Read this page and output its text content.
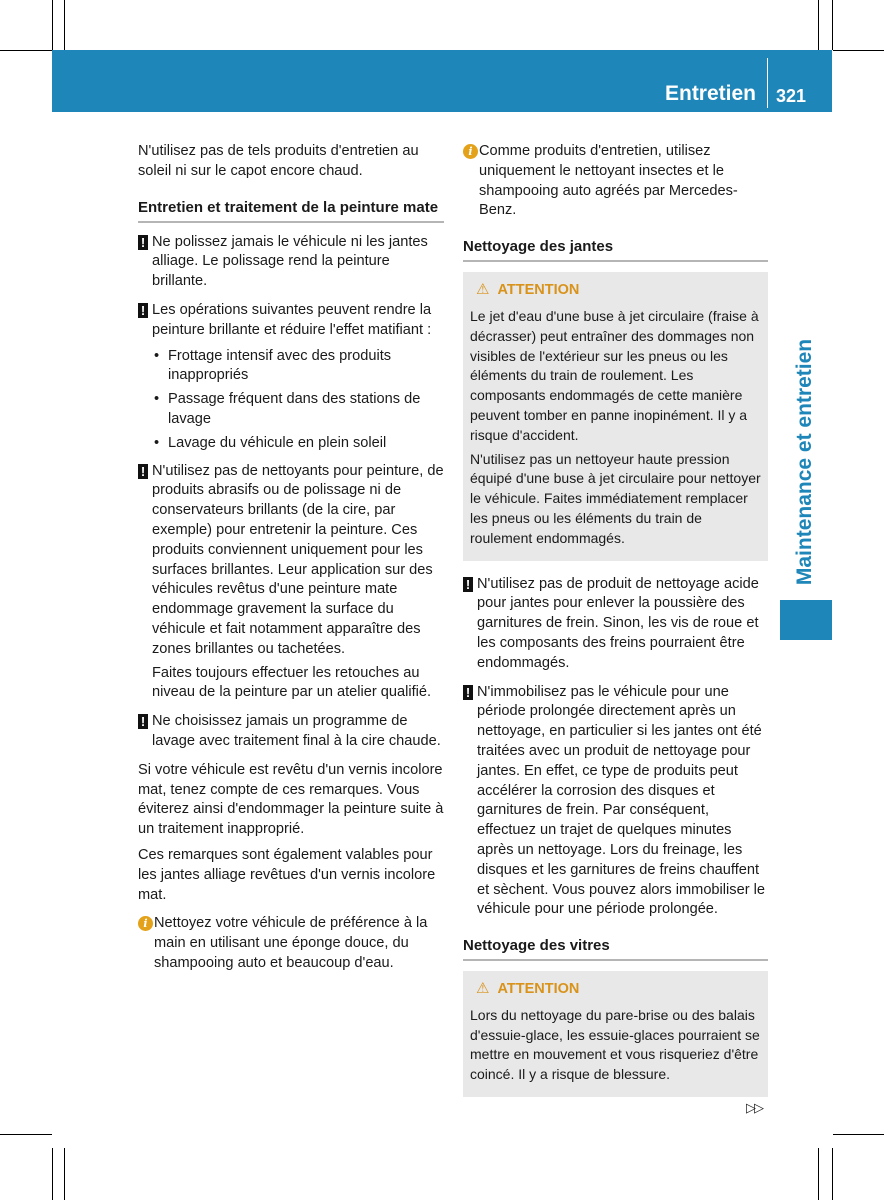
Entretien 321
Maintenance et entretien

N'utilisez pas de tels produits d'entretien au soleil ni sur le capot encore chaud.

Entretien et traitement de la peinture mate
! Ne polissez jamais le véhicule ni les jantes alliage. Le polissage rend la peinture brillante.
! Les opérations suivantes peuvent rendre la peinture brillante et réduire l'effet matifiant :
• Frottage intensif avec des produits inappropriés
• Passage fréquent dans des stations de lavage
• Lavage du véhicule en plein soleil
! N'utilisez pas de nettoyants pour peinture, de produits abrasifs ou de polissage ni de conservateurs brillants (de la cire, par exemple) pour entretenir la peinture. Ces produits conviennent uniquement pour les surfaces brillantes. Leur application sur des véhicules revêtus d'une peinture mate endommage gravement la surface du véhicule et fait notamment apparaître des zones brillantes ou tachetées.
Faites toujours effectuer les retouches au niveau de la peinture par un atelier qualifié.
! Ne choisissez jamais un programme de lavage avec traitement final à la cire chaude.

Si votre véhicule est revêtu d'un vernis incolore mat, tenez compte de ces remarques. Vous éviterez ainsi d'endommager la peinture suite à un traitement inapproprié.

Ces remarques sont également valables pour les jantes alliage revêtues d'un vernis incolore mat.

i Nettoyez votre véhicule de préférence à la main en utilisant une éponge douce, du shampooing auto et beaucoup d'eau.
i Comme produits d'entretien, utilisez uniquement le nettoyant insectes et le shampooing auto agréés par Mercedes-Benz.
Nettoyage des jantes
⚠ ATTENTION

Le jet d'eau d'une buse à jet circulaire (fraise à décrasser) peut entraîner des dommages non visibles de l'extérieur sur les pneus ou les éléments du train de roulement. Les composants endommagés de cette manière peuvent tomber en panne inopinément. Il y a risque d'accident.

N'utilisez pas un nettoyeur haute pression équipé d'une buse à jet circulaire pour nettoyer le véhicule. Faites immédiatement remplacer les pneus ou les éléments du train de roulement endommagés.

! N'utilisez pas de produit de nettoyage acide pour jantes pour enlever la poussière des garnitures de frein. Sinon, les vis de roue et les composants des freins pourraient être endommagés.
! N'immobilisez pas le véhicule pour une période prolongée directement après un nettoyage, en particulier si les jantes ont été traitées avec un produit de nettoyage pour jantes. En effet, ce type de produits peut accélérer la corrosion des disques et garnitures de frein. Par conséquent, effectuez un trajet de quelques minutes après un nettoyage. Lors du freinage, les disques et les garnitures de freins chauffent et sèchent. Vous pouvez alors immobiliser le véhicule pour une période prolongée.
Nettoyage des vitres
⚠ ATTENTION

Lors du nettoyage du pare-brise ou des balais d'essuie-glace, les essuie-glaces pourraient se mettre en mouvement et vous risqueriez d'être coincé. Il y a risque de blessure.

▷▷
